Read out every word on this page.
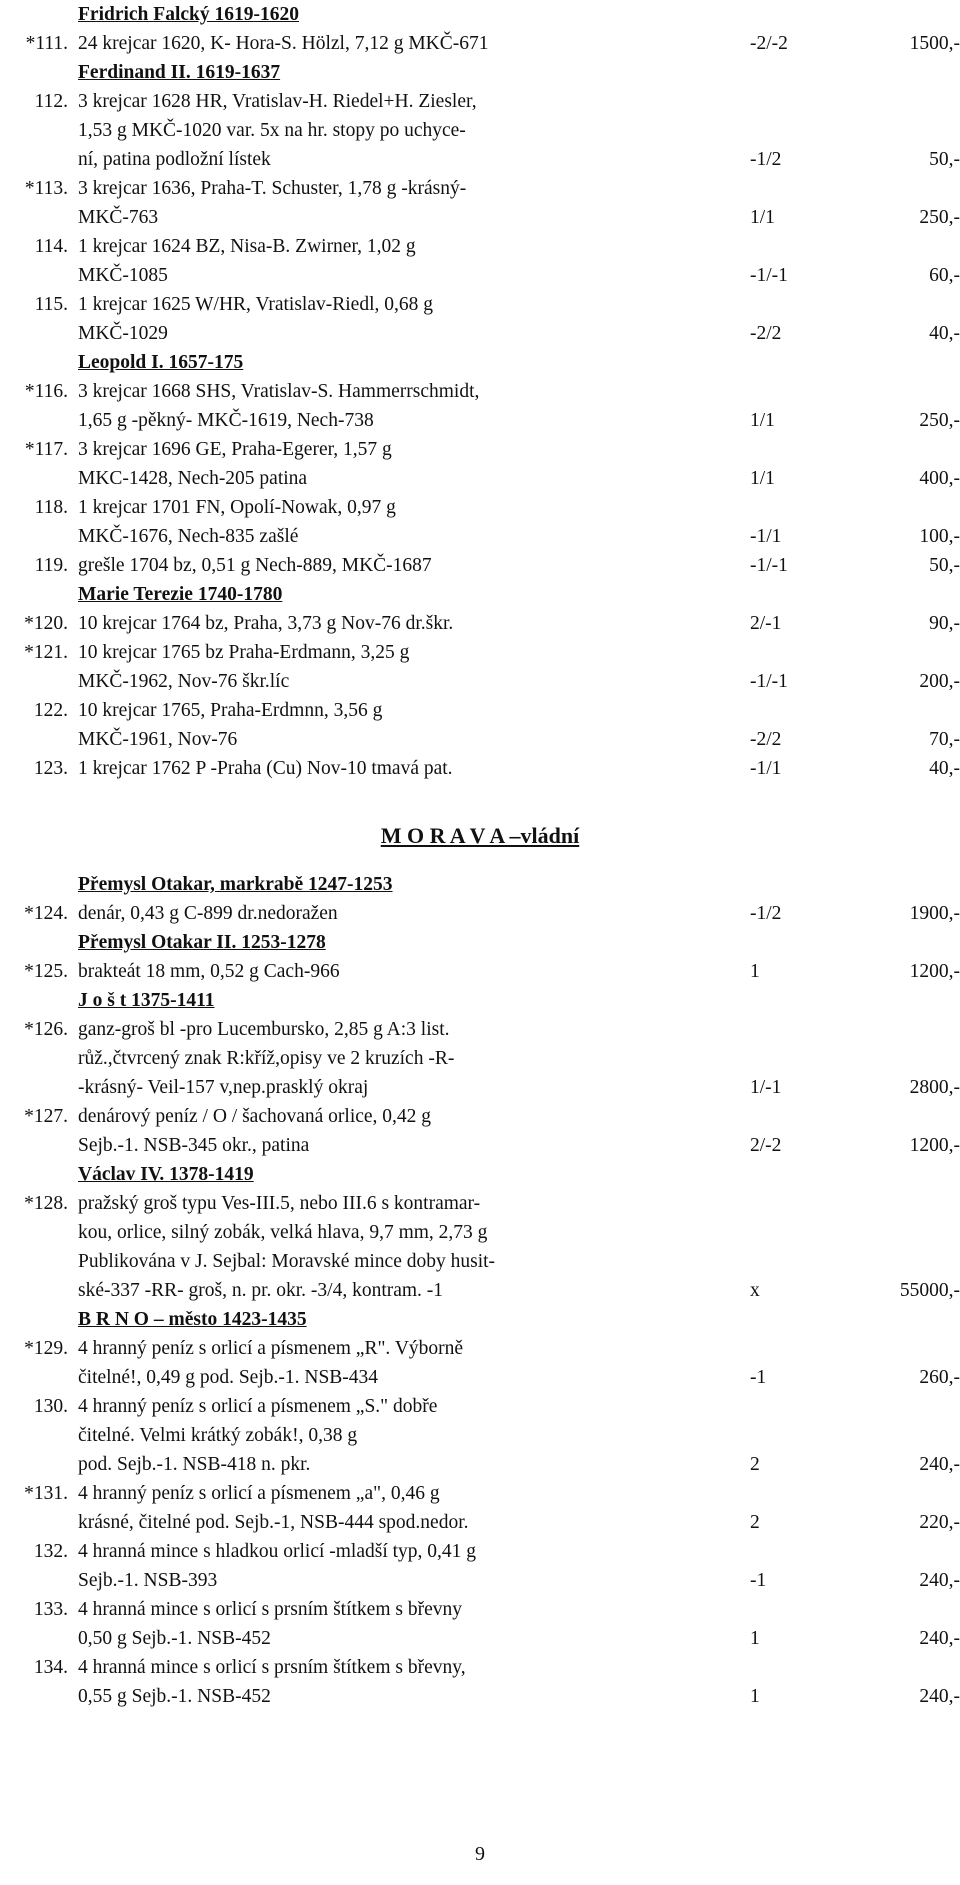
Fridrich Falcký 1619-1620
*111. 24 krejcar 1620, K- Hora-S. Hölzl, 7,12 g MKČ-671	-2/-2	1500,-
Ferdinand II. 1619-1637
112. 3 krejcar 1628 HR, Vratislav-H. Riedel+H. Ziesler,
1,53 g MKČ-1020 var. 5x na hr. stopy po uchyce-
ní, patina podložní lístek	-1/2	50,-
*113. 3 krejcar 1636, Praha-T. Schuster, 1,78 g -krásný-
MKČ-763	1/1	250,-
114. 1 krejcar 1624 BZ, Nisa-B. Zwirner, 1,02 g
MKČ-1085	-1/-1	60,-
115. 1 krejcar 1625 W/HR, Vratislav-Riedl, 0,68 g
MKČ-1029	-2/2	40,-
Leopold I. 1657-175
*116. 3 krejcar 1668 SHS, Vratislav-S. Hammerrschmidt,
1,65 g -pěkný- MKČ-1619, Nech-738	1/1	250,-
*117. 3 krejcar 1696 GE, Praha-Egerer, 1,57 g
MKC-1428, Nech-205 patina	1/1	400,-
118. 1 krejcar 1701 FN, Opolí-Nowak, 0,97 g
MKČ-1676, Nech-835 zašlé	-1/1	100,-
119. grešle 1704 bz, 0,51 g Nech-889, MKČ-1687	-1/-1	50,-
Marie Terezie 1740-1780
*120. 10 krejcar 1764 bz, Praha, 3,73 g Nov-76 dr.škr.	2/-1	90,-
*121. 10 krejcar 1765 bz Praha-Erdmann, 3,25 g
MKČ-1962, Nov-76 škr.líc	-1/-1	200,-
122. 10 krejcar 1765, Praha-Erdmnn, 3,56 g
MKČ-1961, Nov-76	-2/2	70,-
123. 1 krejcar 1762 P -Praha (Cu) Nov-10 tmavá pat.	-1/1	40,-
Přemysl Otakar, markrabě 1247-1253
*124. denár, 0,43 g C-899 dr.nedoražen	-1/2	1900,-
Přemysl Otakar II. 1253-1278
*125. brakteát 18 mm, 0,52 g Cach-966	1	1200,-
J o š t 1375-1411
*126. ganz-groš bl -pro Lucembursko, 2,85 g A:3 list.
růž.,čtvrcený znak R:kříž,opisy ve 2 kruzích -R-
-krásný- Veil-157 v,nep.prasklý okraj	1/-1	2800,-
*127. denárový peníz / O / šachovaná orlice, 0,42 g
Sejb.-1. NSB-345 okr., patina	2/-2	1200,-
Václav IV. 1378-1419
*128. pražský groš typu Ves-III.5, nebo III.6 s kontramar-
kou, orlice, silný zobák, velká hlava, 9,7 mm, 2,73 g
Publikována v J. Sejbal: Moravské mince doby husit-
ské-337 -RR- groš, n. pr. okr. -3/4, kontram. -1	x	55000,-
B R N O – město 1423-1435
*129. 4 hranný peníz s orlicí a písmenem „R". Výborně
čitelné!, 0,49 g pod. Sejb.-1. NSB-434	-1	260,-
130. 4 hranný peníz s orlicí a písmenem „S." dobře
čitelné. Velmi krátký zobák!, 0,38 g
pod. Sejb.-1. NSB-418 n. pkr.	2	240,-
*131. 4 hranný peníz s orlicí a písmenem „a", 0,46 g
krásné, čitelné pod. Sejb.-1, NSB-444 spod.nedor.	2	220,-
132. 4 hranná mince s hladkou orlicí -mladší typ, 0,41 g
Sejb.-1. NSB-393	-1	240,-
133. 4 hranná mince s orlicí s prsním štítkem s břevny
0,50 g Sejb.-1. NSB-452	1	240,-
134. 4 hranná mince s orlicí s prsním štítkem s břevny,
0,55 g Sejb.-1. NSB-452	1	240,-
M O R A V A –vládní
9
